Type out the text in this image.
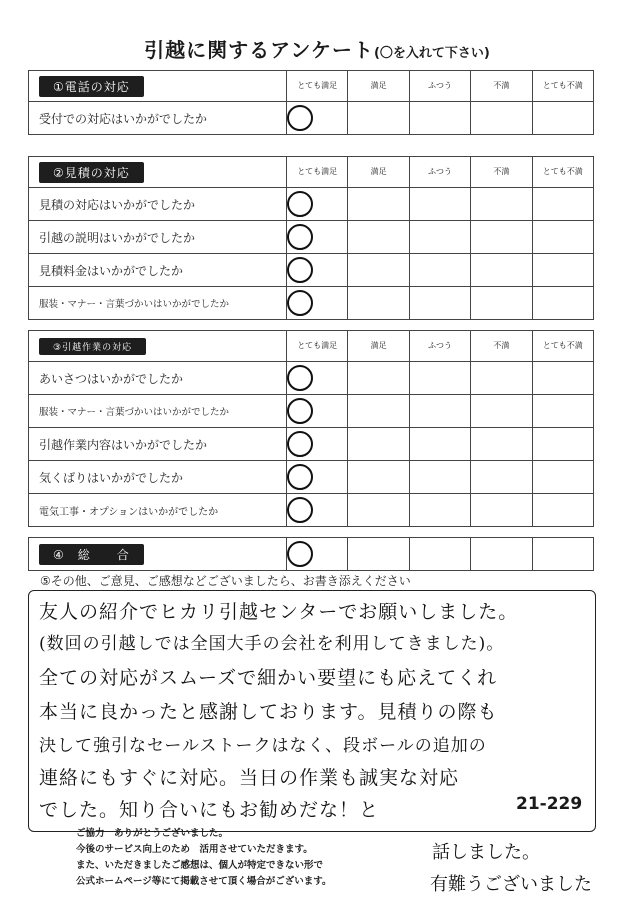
引越に関するアンケート(〇を入れて下さい)
①電話の対応	とても満足	満足	ふつう	不満	とても不満
受付での対応はいかがでしたか					
②見積の対応	とても満足	満足	ふつう	不満	とても不満
見積の対応はいかがでしたか					
引越の説明はいかがでしたか					
見積料金はいかがでしたか					
服装・マナー・言葉づかいはいかがでしたか					
③引越作業の対応	とても満足	満足	ふつう	不満	とても不満
あいさつはいかがでしたか					
服装・マナー・言葉づかいはいかがでしたか					
引越作業内容はいかがでしたか					
気くばりはいかがでしたか					
電気工事・オプションはいかがでしたか					
④　総　　合					
⑤その他、ご意見、ご感想などございましたら、お書き添えください
友人の紹介でヒカリ引越センターでお願いしました。
(数回の引越しでは全国大手の会社を利用してきました)。
全ての対応がスムーズで細かい要望にも応えてくれ
本当に良かったと感謝しております。見積りの際も
決して強引なセールストークはなく、段ボールの追加の
連絡にもすぐに対応。当日の作業も誠実な対応
でした。知り合いにもお勧めだな！と	21-229
ご協力　ありがとうございました。
今後のサービス向上のため　活用させていただきます。
また、いただきましたご感想は、個人が特定できない形で
公式ホームページ等にて掲載させて頂く場合がございます。
話しました。
有難うございました
